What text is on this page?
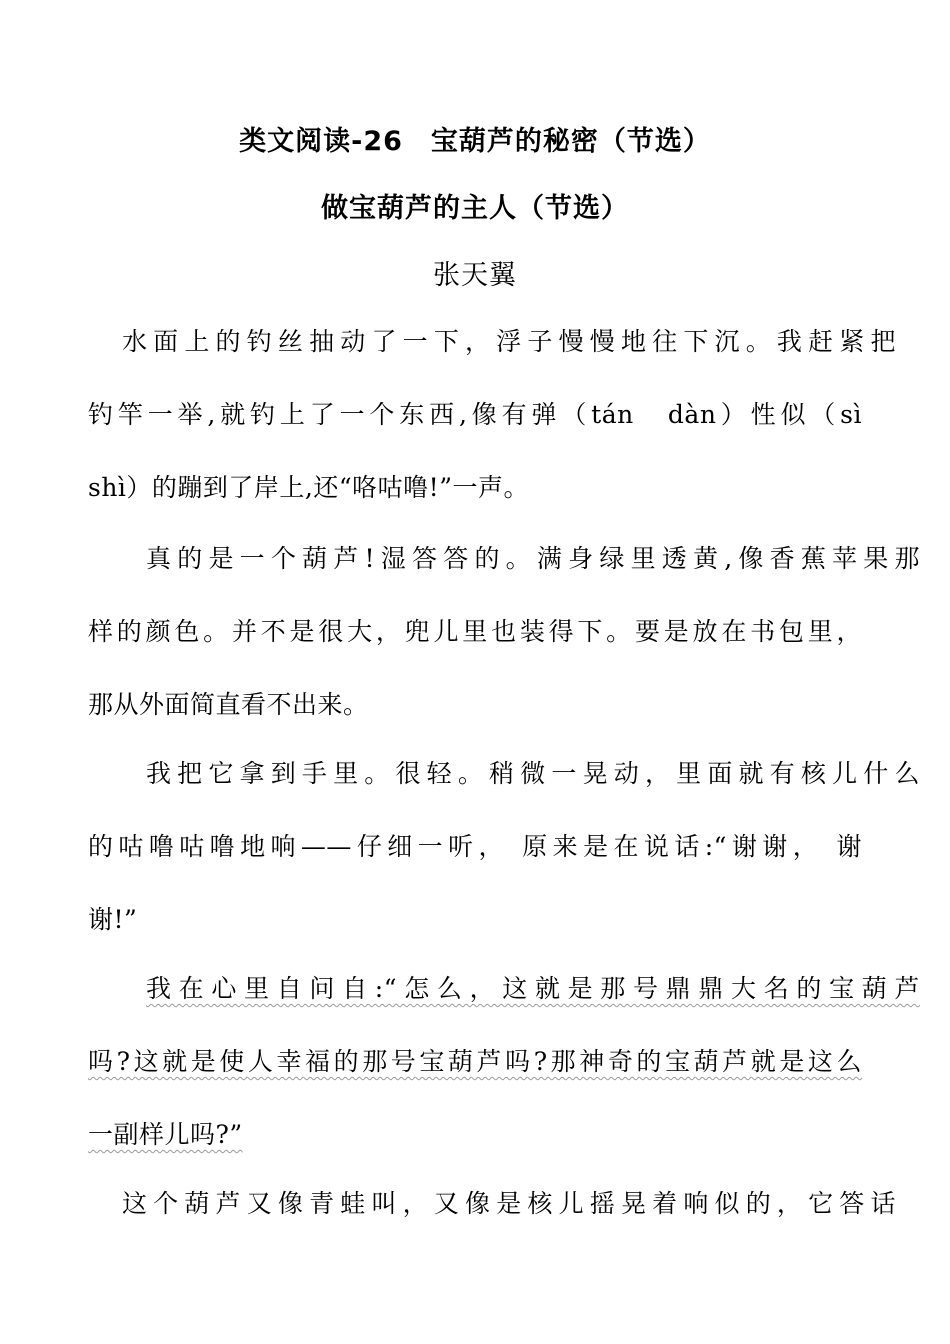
类文阅读-26　宝葫芦的秘密（节选）
做宝葫芦的主人（节选）
张天翼
水面上的钓丝抽动了一下，浮子慢慢地往下沉。我赶紧把
钓竿一举,就钓上了一个东西,像有弹（tán　dàn）性似（sì
shì）的蹦到了岸上,还“咯咕噜!”一声。
真的是一个葫芦!湿答答的。满身绿里透黄,像香蕉苹果那
样的颜色。并不是很大，兜儿里也装得下。要是放在书包里，
那从外面简直看不出来。
我把它拿到手里。很轻。稍微一晃动，里面就有核儿什么
的咕噜咕噜地响——仔细一听， 原来是在说话:“谢谢， 谢
谢!”
我在心里自问自:“怎么，这就是那号鼎鼎大名的宝葫芦
吗?这就是使人幸福的那号宝葫芦吗?那神奇的宝葫芦就是这么
一副样儿吗?”
这个葫芦又像青蛙叫，又像是核儿摇晃着响似的，它答话
